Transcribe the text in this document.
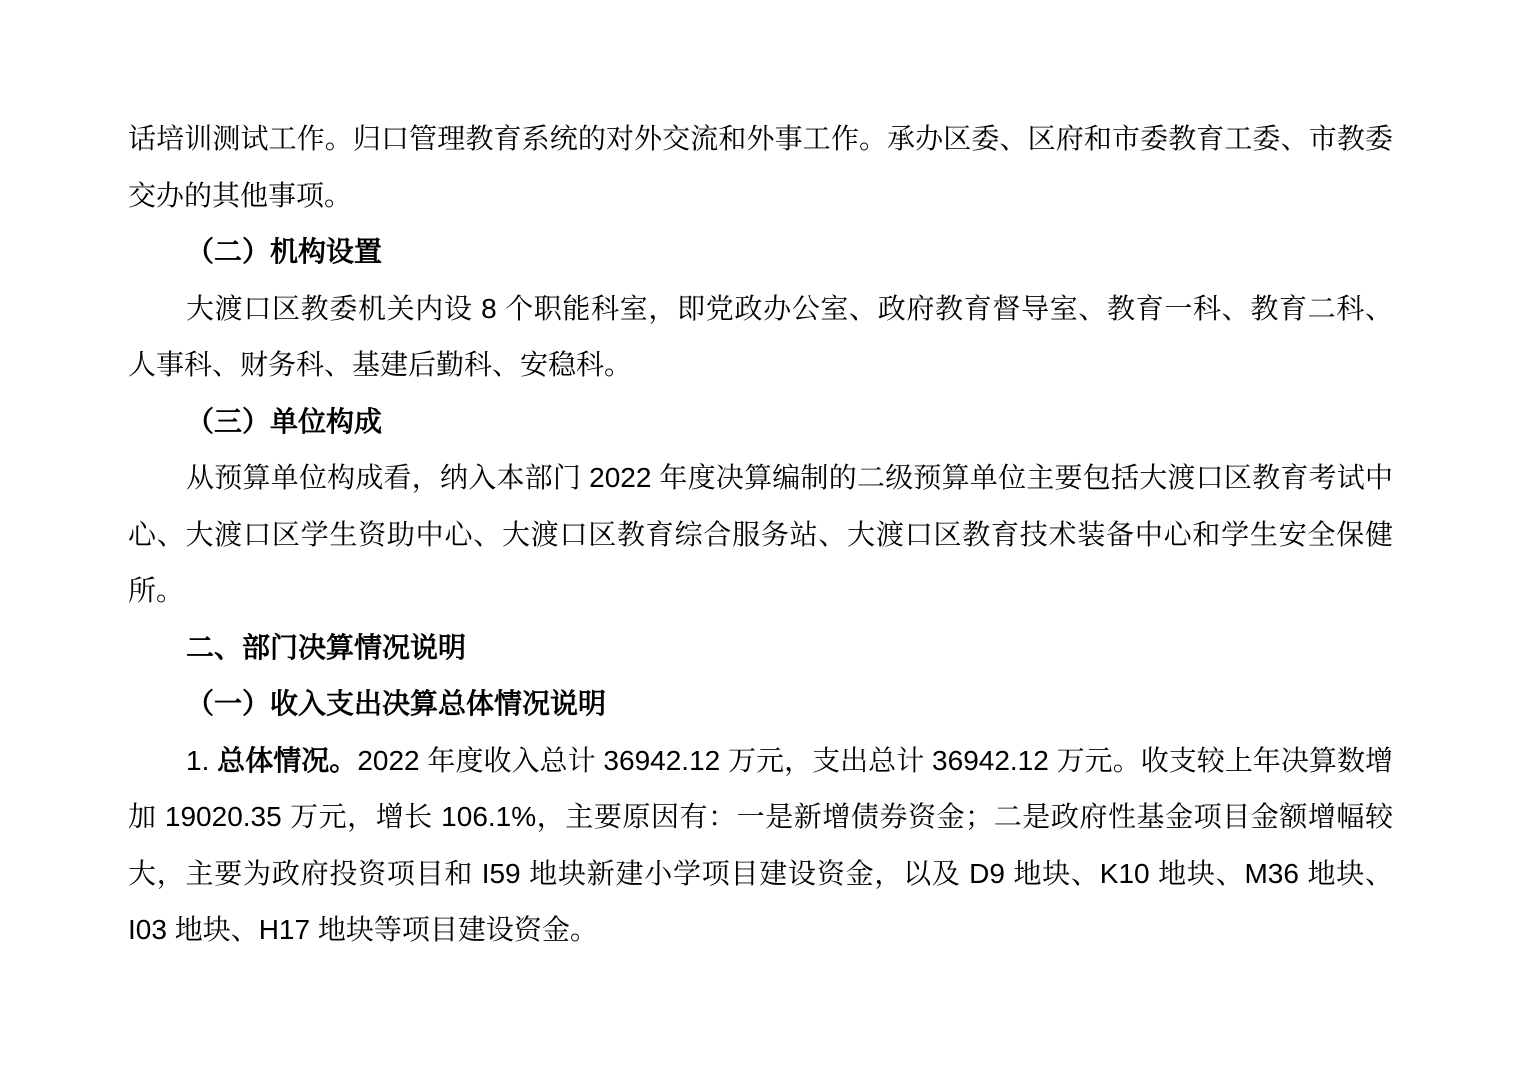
话培训测试工作。归口管理教育系统的对外交流和外事工作。承办区委、区府和市委教育工委、市教委交办的其他事项。

（二）机构设置

大渡口区教委机关内设 8 个职能科室，即党政办公室、政府教育督导室、教育一科、教育二科、人事科、财务科、基建后勤科、安稳科。

（三）单位构成

从预算单位构成看，纳入本部门 2022 年度决算编制的二级预算单位主要包括大渡口区教育考试中心、大渡口区学生资助中心、大渡口区教育综合服务站、大渡口区教育技术装备中心和学生安全保健所。

二、部门决算情况说明

（一）收入支出决算总体情况说明

1. 总体情况。2022 年度收入总计 36942.12 万元，支出总计 36942.12 万元。收支较上年决算数增加 19020.35 万元，增长 106.1%，主要原因有：一是新增债券资金；二是政府性基金项目金额增幅较大，主要为政府投资项目和 I59 地块新建小学项目建设资金，以及 D9 地块、K10 地块、M36 地块、I03 地块、H17 地块等项目建设资金。
